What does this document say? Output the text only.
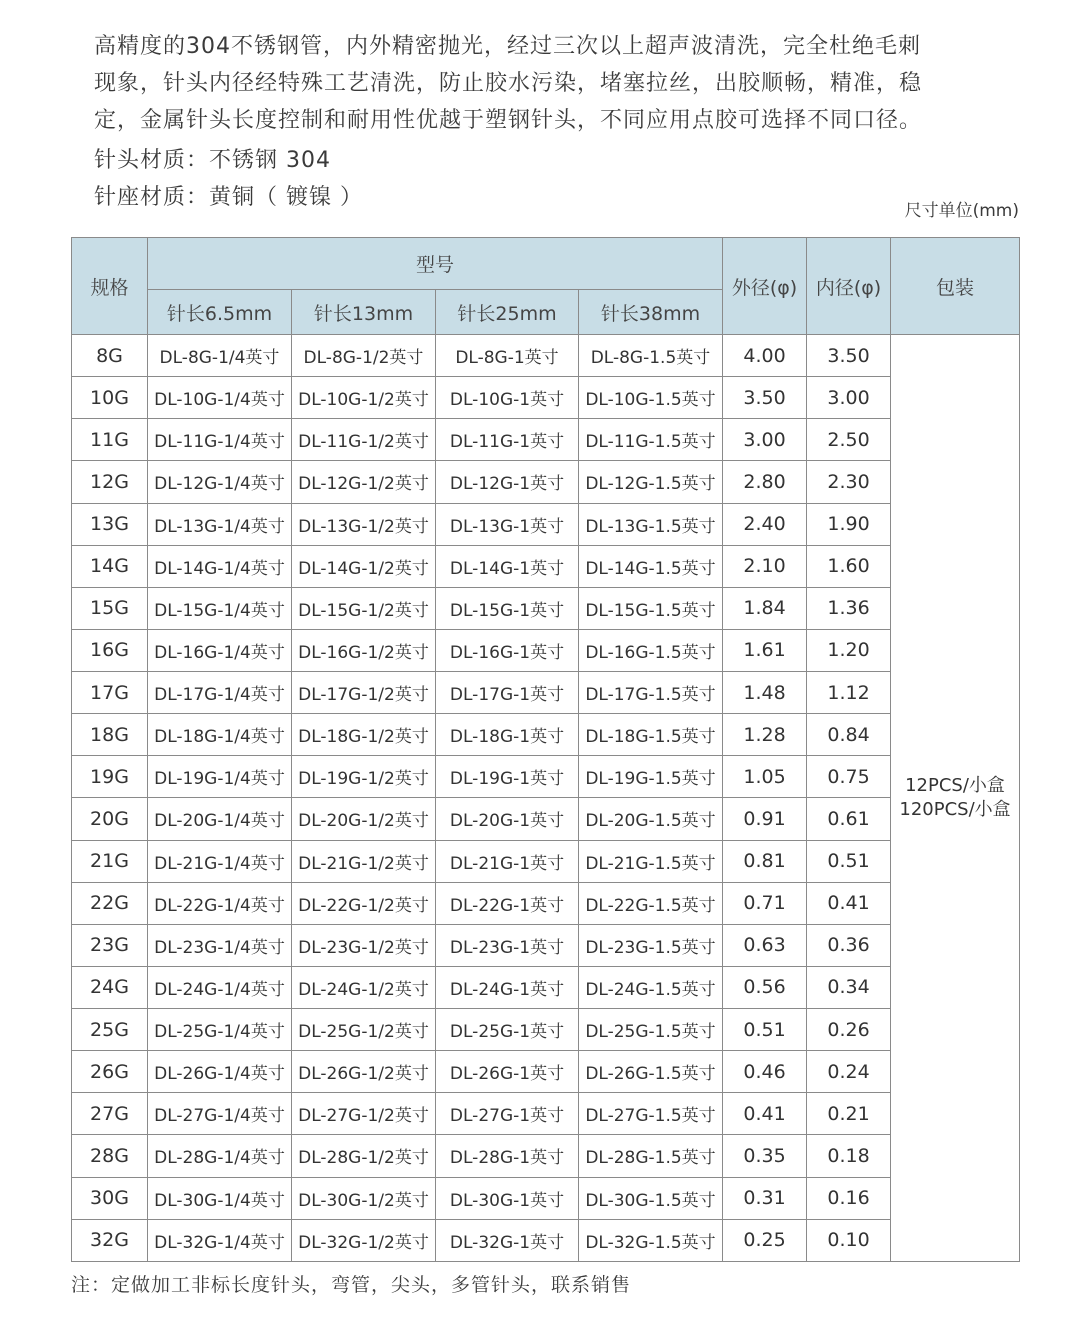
高精度的304不锈钢管，内外精密抛光，经过三次以上超声波清洗，完全杜绝毛刺

现象，针头内径经特殊工艺清洗，防止胶水污染，堵塞拉丝，出胶顺畅，精准，稳

定，金属针头长度控制和耐用性优越于塑钢针头，不同应用点胶可选择不同口径。

针头材质：不锈钢 304
针座材质：黄铜（ 镀镍 ）
尺寸单位(mm)
规格	型号				外径(φ)	内径(φ)	包装
	针长6.5mm	针长13mm	针长25mm	针长38mm			
8G	DL-8G-1/4英寸	DL-8G-1/2英寸	DL-8G-1英寸	DL-8G-1.5英寸	4.00	3.50	12PCS/小盒
120PCS/小盒

10G	DL-10G-1/4英寸	DL-10G-1/2英寸	DL-10G-1英寸	DL-10G-1.5英寸	3.50	3.00	
11G	DL-11G-1/4英寸	DL-11G-1/2英寸	DL-11G-1英寸	DL-11G-1.5英寸	3.00	2.50	
12G	DL-12G-1/4英寸	DL-12G-1/2英寸	DL-12G-1英寸	DL-12G-1.5英寸	2.80	2.30	
13G	DL-13G-1/4英寸	DL-13G-1/2英寸	DL-13G-1英寸	DL-13G-1.5英寸	2.40	1.90	
14G	DL-14G-1/4英寸	DL-14G-1/2英寸	DL-14G-1英寸	DL-14G-1.5英寸	2.10	1.60	
15G	DL-15G-1/4英寸	DL-15G-1/2英寸	DL-15G-1英寸	DL-15G-1.5英寸	1.84	1.36	
16G	DL-16G-1/4英寸	DL-16G-1/2英寸	DL-16G-1英寸	DL-16G-1.5英寸	1.61	1.20	
17G	DL-17G-1/4英寸	DL-17G-1/2英寸	DL-17G-1英寸	DL-17G-1.5英寸	1.48	1.12	
18G	DL-18G-1/4英寸	DL-18G-1/2英寸	DL-18G-1英寸	DL-18G-1.5英寸	1.28	0.84	
19G	DL-19G-1/4英寸	DL-19G-1/2英寸	DL-19G-1英寸	DL-19G-1.5英寸	1.05	0.75	
20G	DL-20G-1/4英寸	DL-20G-1/2英寸	DL-20G-1英寸	DL-20G-1.5英寸	0.91	0.61	
21G	DL-21G-1/4英寸	DL-21G-1/2英寸	DL-21G-1英寸	DL-21G-1.5英寸	0.81	0.51	
22G	DL-22G-1/4英寸	DL-22G-1/2英寸	DL-22G-1英寸	DL-22G-1.5英寸	0.71	0.41	
23G	DL-23G-1/4英寸	DL-23G-1/2英寸	DL-23G-1英寸	DL-23G-1.5英寸	0.63	0.36	
24G	DL-24G-1/4英寸	DL-24G-1/2英寸	DL-24G-1英寸	DL-24G-1.5英寸	0.56	0.34	
25G	DL-25G-1/4英寸	DL-25G-1/2英寸	DL-25G-1英寸	DL-25G-1.5英寸	0.51	0.26	
26G	DL-26G-1/4英寸	DL-26G-1/2英寸	DL-26G-1英寸	DL-26G-1.5英寸	0.46	0.24	
27G	DL-27G-1/4英寸	DL-27G-1/2英寸	DL-27G-1英寸	DL-27G-1.5英寸	0.41	0.21	
28G	DL-28G-1/4英寸	DL-28G-1/2英寸	DL-28G-1英寸	DL-28G-1.5英寸	0.35	0.18	
30G	DL-30G-1/4英寸	DL-30G-1/2英寸	DL-30G-1英寸	DL-30G-1.5英寸	0.31	0.16	
32G	DL-32G-1/4英寸	DL-32G-1/2英寸	DL-32G-1英寸	DL-32G-1.5英寸	0.25	0.10	
注：定做加工非标长度针头，弯管，尖头，多管针头，联系销售
